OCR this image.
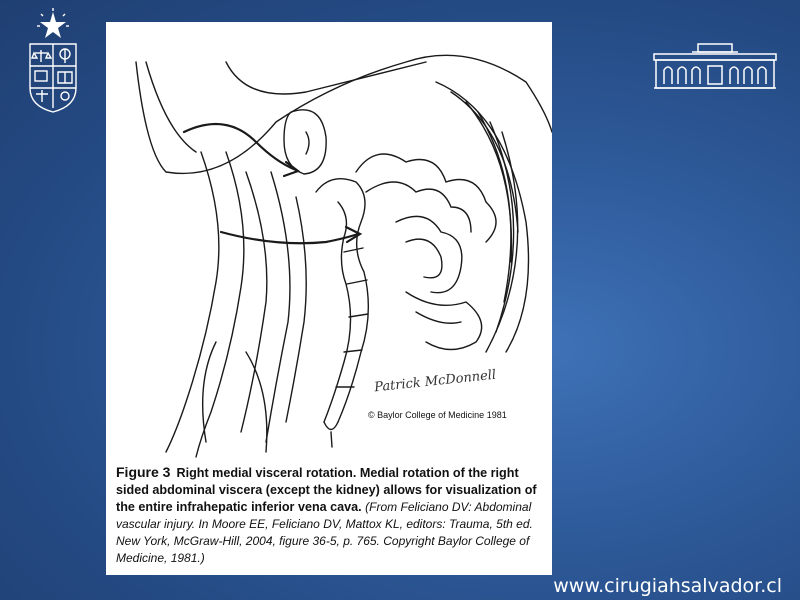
Patrick McDonnell
© Baylor College of Medicine 1981
Figure 3 Right medial visceral rotation. Medial rotation of the right sided abdominal viscera (except the kidney) allows for visualization of the entire infrahepatic inferior vena cava. (From Feliciano DV: Abdominal vascular injury. In Moore EE, Feliciano DV, Mattox KL, editors: Trauma, 5th ed. New York, McGraw-Hill, 2004, figure 36-5, p. 765. Copyright Baylor College of Medicine, 1981.)
www.cirugiahsalvador.cl
